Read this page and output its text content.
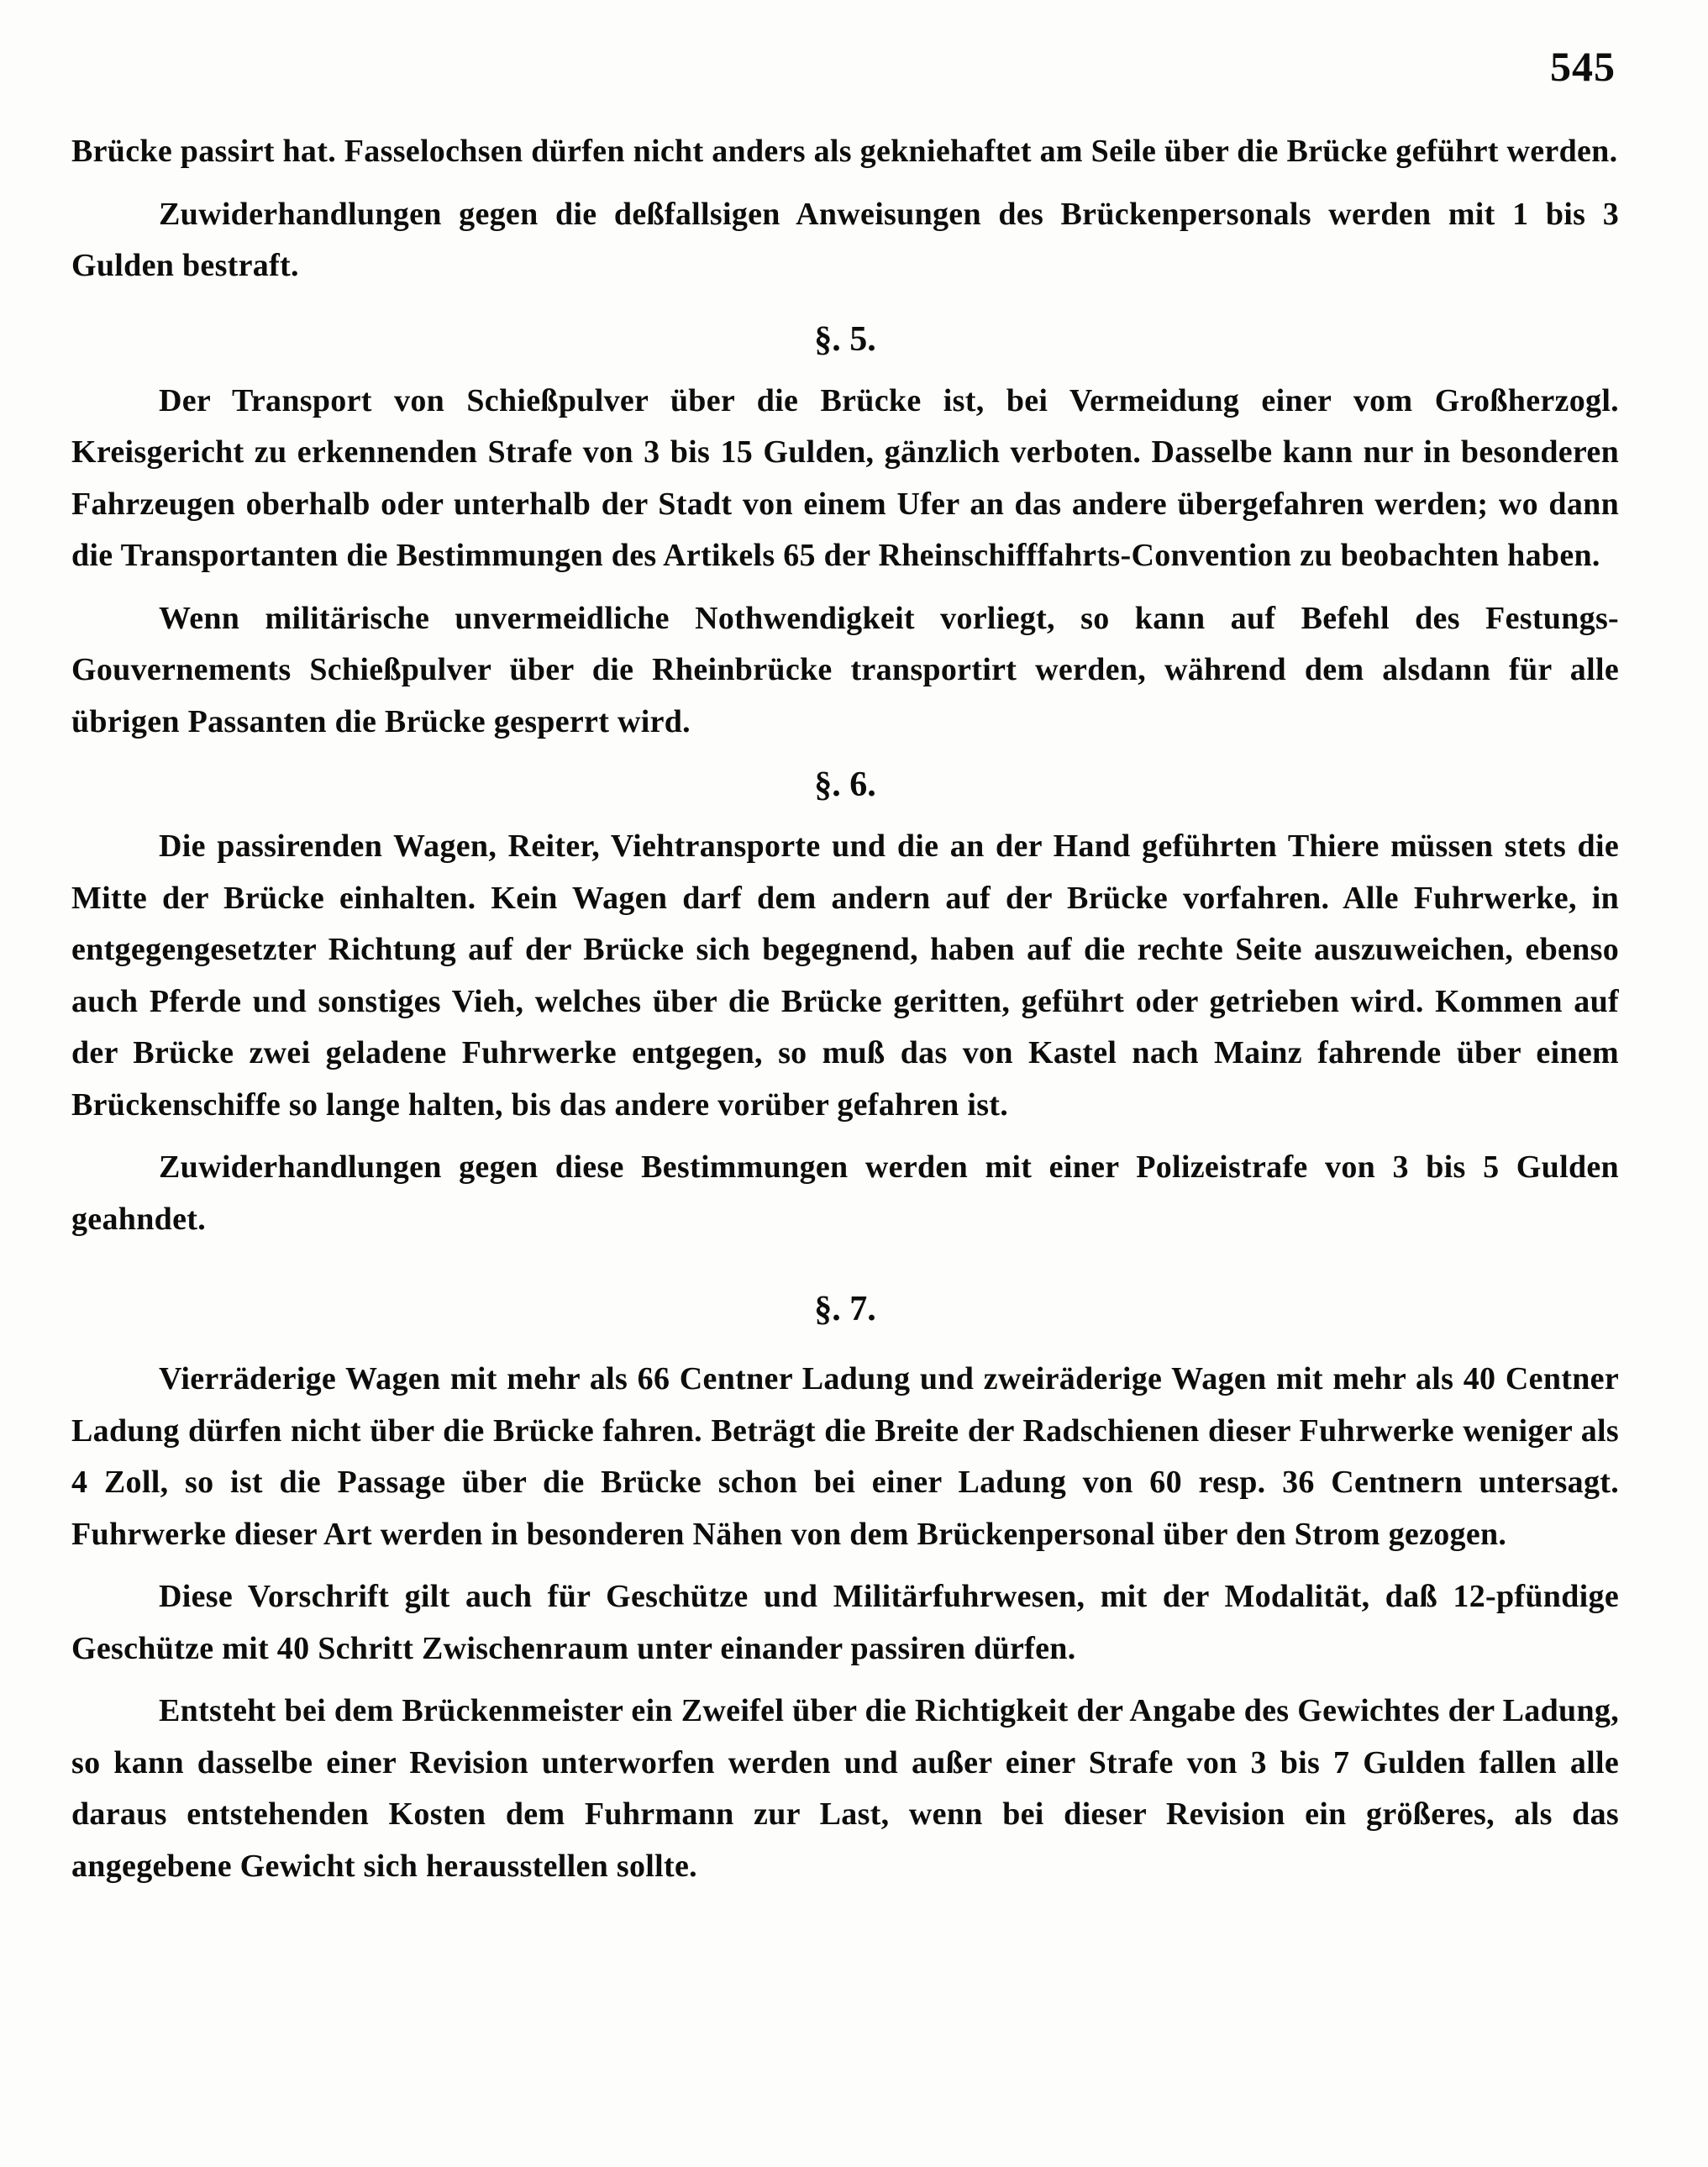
545

Brücke passirt hat. Fasselochsen dürfen nicht anders als gekniehaftet am Seile über die Brücke geführt werden.

Zuwiderhandlungen gegen die deßfallsigen Anweisungen des Brückenpersonals werden mit 1 bis 3 Gulden bestraft.

§. 5.

Der Transport von Schießpulver über die Brücke ist, bei Vermeidung einer vom Großherzogl. Kreisgericht zu erkennenden Strafe von 3 bis 15 Gulden, gänzlich verboten. Dasselbe kann nur in besonderen Fahrzeugen oberhalb oder unterhalb der Stadt von einem Ufer an das andere übergefahren werden; wo dann die Transportanten die Bestimmungen des Artikels 65 der Rheinschifffahrts-Convention zu beobachten haben.

Wenn militärische unvermeidliche Nothwendigkeit vorliegt, so kann auf Befehl des Festungs-Gouvernements Schießpulver über die Rheinbrücke transportirt werden, während dem alsdann für alle übrigen Passanten die Brücke gesperrt wird.

§. 6.

Die passirenden Wagen, Reiter, Viehtransporte und die an der Hand geführten Thiere müssen stets die Mitte der Brücke einhalten. Kein Wagen darf dem andern auf der Brücke vorfahren. Alle Fuhrwerke, in entgegengesetzter Richtung auf der Brücke sich begegnend, haben auf die rechte Seite auszuweichen, ebenso auch Pferde und sonstiges Vieh, welches über die Brücke geritten, geführt oder getrieben wird. Kommen auf der Brücke zwei geladene Fuhrwerke entgegen, so muß das von Kastel nach Mainz fahrende über einem Brückenschiffe so lange halten, bis das andere vorüber gefahren ist.

Zuwiderhandlungen gegen diese Bestimmungen werden mit einer Polizeistrafe von 3 bis 5 Gulden geahndet.

§. 7.

Vierräderige Wagen mit mehr als 66 Centner Ladung und zweiräderige Wagen mit mehr als 40 Centner Ladung dürfen nicht über die Brücke fahren. Beträgt die Breite der Radschienen dieser Fuhrwerke weniger als 4 Zoll, so ist die Passage über die Brücke schon bei einer Ladung von 60 resp. 36 Centnern untersagt. Fuhrwerke dieser Art werden in besonderen Nähen von dem Brückenpersonal über den Strom gezogen.

Diese Vorschrift gilt auch für Geschütze und Militärfuhrwesen, mit der Modalität, daß 12-pfündige Geschütze mit 40 Schritt Zwischenraum unter einander passiren dürfen.

Entsteht bei dem Brückenmeister ein Zweifel über die Richtigkeit der Angabe des Gewichtes der Ladung, so kann dasselbe einer Revision unterworfen werden und außer einer Strafe von 3 bis 7 Gulden fallen alle daraus entstehenden Kosten dem Fuhrmann zur Last, wenn bei dieser Revision ein größeres, als das angegebene Gewicht sich herausstellen sollte.
